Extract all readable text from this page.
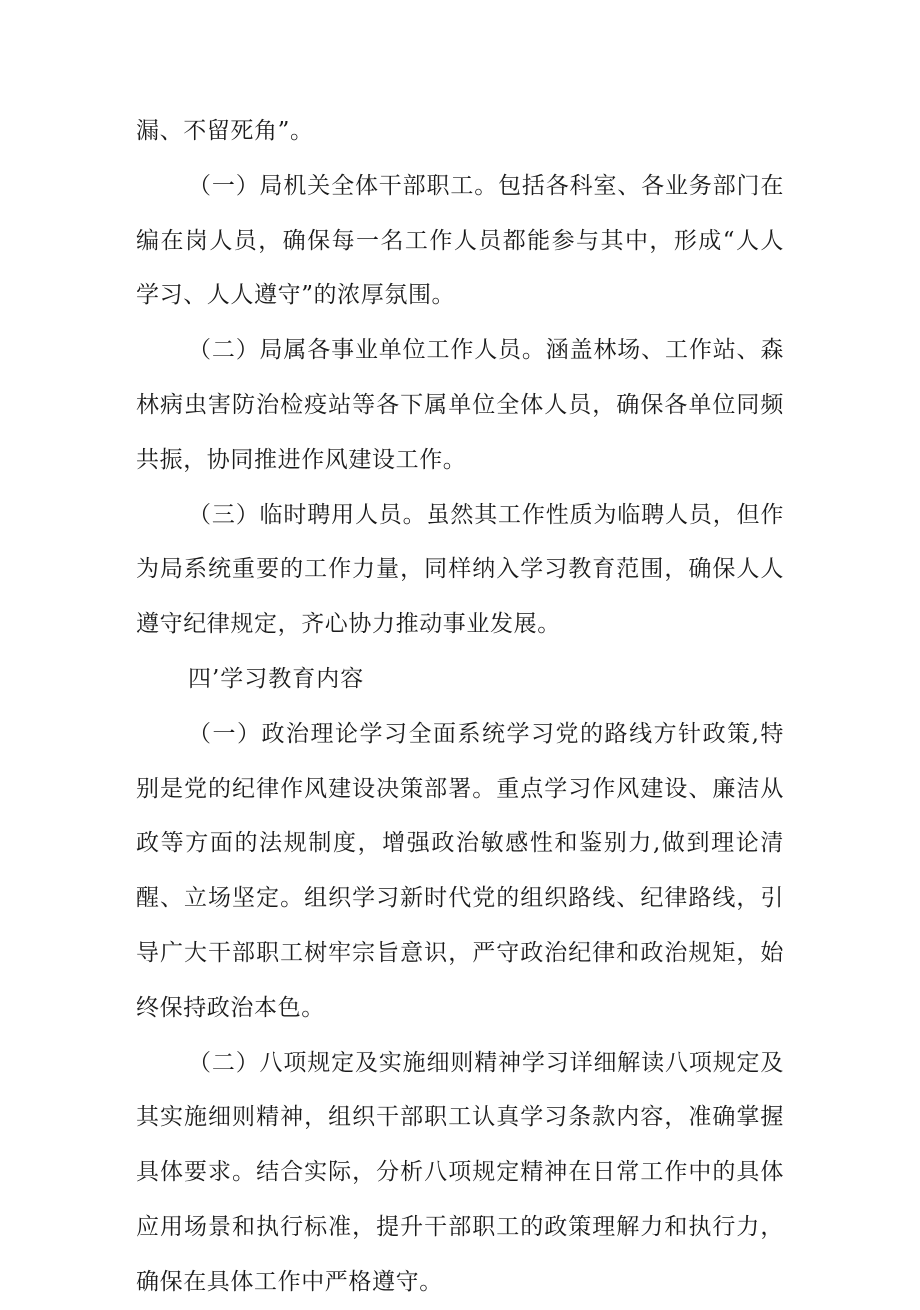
漏、不留死角”。

（一）局机关全体干部职工。包括各科室、各业务部门在编在岗人员，确保每一名工作人员都能参与其中，形成“人人学习、人人遵守”的浓厚氛围。

（二）局属各事业单位工作人员。涵盖林场、工作站、森林病虫害防治检疫站等各下属单位全体人员，确保各单位同频共振，协同推进作风建设工作。

（三）临时聘用人员。虽然其工作性质为临聘人员，但作为局系统重要的工作力量，同样纳入学习教育范围，确保人人遵守纪律规定，齐心协力推动事业发展。

四’学习教育内容

（一）政治理论学习全面系统学习党的路线方针政策,特别是党的纪律作风建设决策部署。重点学习作风建设、廉洁从政等方面的法规制度，增强政治敏感性和鉴别力,做到理论清醒、立场坚定。组织学习新时代党的组织路线、纪律路线，引导广大干部职工树牢宗旨意识，严守政治纪律和政治规矩，始终保持政治本色。

（二）八项规定及实施细则精神学习详细解读八项规定及其实施细则精神，组织干部职工认真学习条款内容，准确掌握具体要求。结合实际，分析八项规定精神在日常工作中的具体应用场景和执行标准，提升干部职工的政策理解力和执行力，确保在具体工作中严格遵守。
